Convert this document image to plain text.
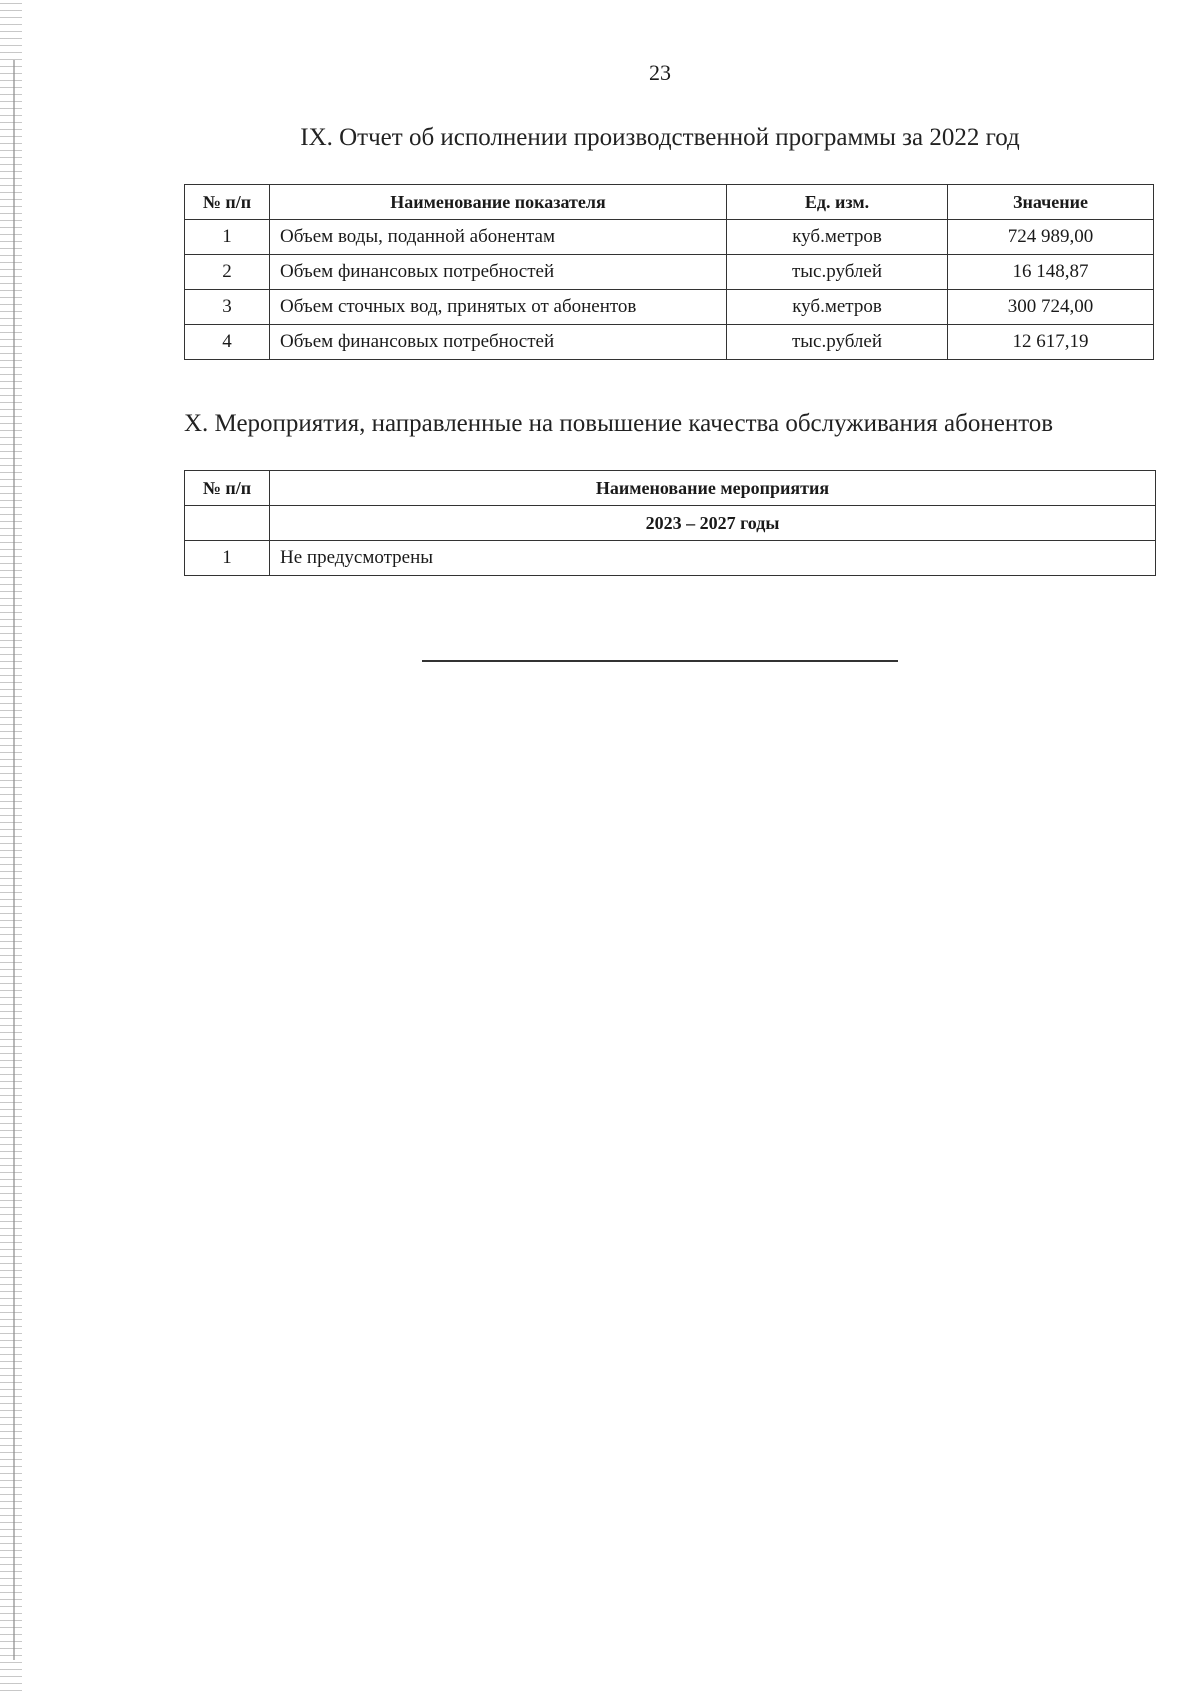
23
IX. Отчет об исполнении производственной программы за 2022 год
№ п/п	Наименование показателя	Ед. изм.	Значение
1	Объем воды, поданной абонентам	куб.метров	724 989,00
2	Объем финансовых потребностей	тыс.рублей	16 148,87
3	Объем сточных вод, принятых от абонентов	куб.метров	300 724,00
4	Объем финансовых потребностей	тыс.рублей	12 617,19
X. Мероприятия, направленные на повышение качества обслуживания абонентов
№ п/п	Наименование мероприятия
	2023 – 2027 годы
1	Не предусмотрены
